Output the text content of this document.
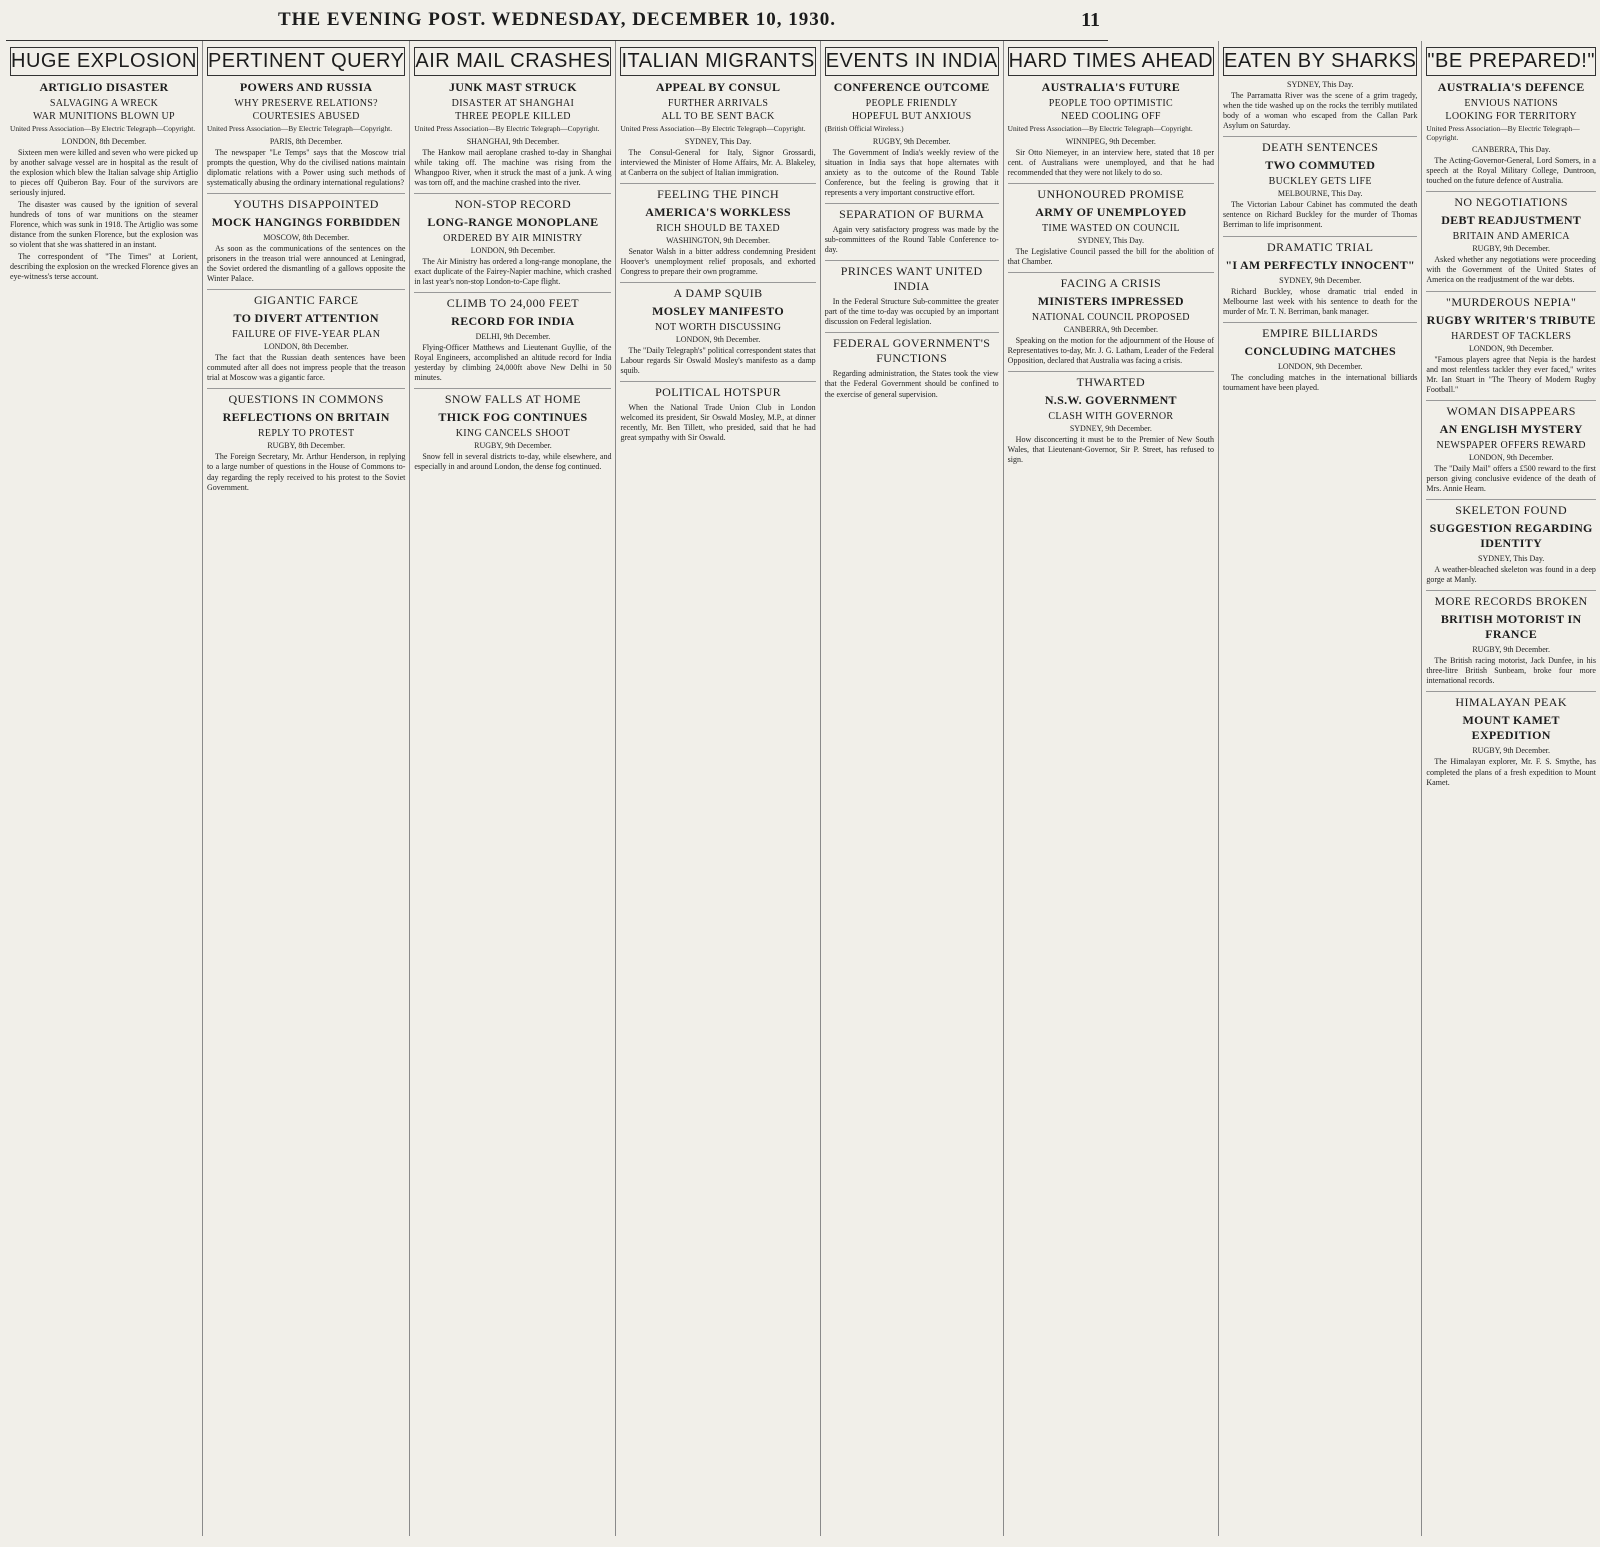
THE EVENING POST. WEDNESDAY, DECEMBER 10, 1930.	11
HUGE EXPLOSION
ARTIGLIO DISASTER
SALVAGING A WRECK
WAR MUNITIONS BLOWN UP
United Press Association—By Electric Telegraph—Copyright.
LONDON, 8th December.

Sixteen men were killed and seven who were picked up by another salvage vessel are in hospital as the result of the explosion which blew the Italian salvage ship Artiglio to pieces off Quiberon Bay. Four of the survivors are seriously injured.

The disaster was caused by the ignition of several hundreds of tons of war munitions on the steamer Florence, which was sunk in 1918. The Artiglio was some distance from the sunken Florence, but the explosion was so violent that she was shattered in an instant.

The correspondent of "The Times" at Lorient, describing the explosion on the wrecked Florence gives an eye-witness's terse account.

PERTINENT QUERY
POWERS AND RUSSIA
WHY PRESERVE RELATIONS?
COURTESIES ABUSED
United Press Association—By Electric Telegraph—Copyright.
PARIS, 8th December.

The newspaper "Le Temps" says that the Moscow trial prompts the question, Why do the civilised nations maintain diplomatic relations with a Power using such methods of systematically abusing the ordinary international regulations?

YOUTHS DISAPPOINTED
MOCK HANGINGS FORBIDDEN
MOSCOW, 8th December.

As soon as the communications of the sentences on the prisoners in the treason trial were announced at Leningrad, the Soviet ordered the dismantling of a gallows opposite the Winter Palace.

GIGANTIC FARCE
TO DIVERT ATTENTION
FAILURE OF FIVE-YEAR PLAN
LONDON, 8th December.

The fact that the Russian death sentences have been commuted after all does not impress people that the treason trial at Moscow was a gigantic farce.

QUESTIONS IN COMMONS
REFLECTIONS ON BRITAIN
REPLY TO PROTEST
RUGBY, 8th December.

The Foreign Secretary, Mr. Arthur Henderson, in replying to a large number of questions in the House of Commons to-day regarding the reply received to his protest to the Soviet Government.

AIR MAIL CRASHES
JUNK MAST STRUCK
DISASTER AT SHANGHAI
THREE PEOPLE KILLED
United Press Association—By Electric Telegraph—Copyright.
SHANGHAI, 9th December.

The Hankow mail aeroplane crashed to-day in Shanghai while taking off. The machine was rising from the Whangpoo River, when it struck the mast of a junk. A wing was torn off, and the machine crashed into the river.

NON-STOP RECORD
LONG-RANGE MONOPLANE
ORDERED BY AIR MINISTRY
LONDON, 9th December.

The Air Ministry has ordered a long-range monoplane, the exact duplicate of the Fairey-Napier machine, which crashed in last year's non-stop London-to-Cape flight.

CLIMB TO 24,000 FEET
RECORD FOR INDIA
DELHI, 9th December.

Flying-Officer Matthews and Lieutenant Guyllie, of the Royal Engineers, accomplished an altitude record for India yesterday by climbing 24,000ft above New Delhi in 50 minutes.

SNOW FALLS AT HOME
THICK FOG CONTINUES
KING CANCELS SHOOT
RUGBY, 9th December.

Snow fell in several districts to-day, while elsewhere, and especially in and around London, the dense fog continued.

ITALIAN MIGRANTS
APPEAL BY CONSUL
FURTHER ARRIVALS
ALL TO BE SENT BACK
United Press Association—By Electric Telegraph—Copyright.
SYDNEY, This Day.

The Consul-General for Italy, Signor Grossardi, interviewed the Minister of Home Affairs, Mr. A. Blakeley, at Canberra on the subject of Italian immigration.

FEELING THE PINCH
AMERICA'S WORKLESS
RICH SHOULD BE TAXED
WASHINGTON, 9th December.

Senator Walsh in a bitter address condemning President Hoover's unemployment relief proposals, and exhorted Congress to prepare their own programme.

A DAMP SQUIB
MOSLEY MANIFESTO
NOT WORTH DISCUSSING
LONDON, 9th December.

The "Daily Telegraph's" political correspondent states that Labour regards Sir Oswald Mosley's manifesto as a damp squib.

POLITICAL HOTSPUR

When the National Trade Union Club in London welcomed its president, Sir Oswald Mosley, M.P., at dinner recently, Mr. Ben Tillett, who presided, said that he had great sympathy with Sir Oswald.

EVENTS IN INDIA
CONFERENCE OUTCOME
PEOPLE FRIENDLY
HOPEFUL BUT ANXIOUS
(British Official Wireless.)
RUGBY, 9th December.

The Government of India's weekly review of the situation in India says that hope alternates with anxiety as to the outcome of the Round Table Conference, but the feeling is growing that it represents a very important constructive effort.

SEPARATION OF BURMA

Again very satisfactory progress was made by the sub-committees of the Round Table Conference to-day.

PRINCES WANT UNITED INDIA

In the Federal Structure Sub-committee the greater part of the time to-day was occupied by an important discussion on Federal legislation.

FEDERAL GOVERNMENT'S FUNCTIONS

Regarding administration, the States took the view that the Federal Government should be confined to the exercise of general supervision.

HARD TIMES AHEAD
AUSTRALIA'S FUTURE
PEOPLE TOO OPTIMISTIC
NEED COOLING OFF
United Press Association—By Electric Telegraph—Copyright.
WINNIPEG, 9th December.

Sir Otto Niemeyer, in an interview here, stated that 18 per cent. of Australians were unemployed, and that he had recommended that they were not likely to do so.

UNHONOURED PROMISE
ARMY OF UNEMPLOYED
TIME WASTED ON COUNCIL
SYDNEY, This Day.

The Legislative Council passed the bill for the abolition of that Chamber.

FACING A CRISIS
MINISTERS IMPRESSED
NATIONAL COUNCIL PROPOSED
CANBERRA, 9th December.

Speaking on the motion for the adjournment of the House of Representatives to-day, Mr. J. G. Latham, Leader of the Federal Opposition, declared that Australia was facing a crisis.

THWARTED
N.S.W. GOVERNMENT
CLASH WITH GOVERNOR
SYDNEY, 9th December.

How disconcerting it must be to the Premier of New South Wales, that Lieutenant-Governor, Sir P. Street, has refused to sign.

EATEN BY SHARKS
SYDNEY, This Day.

The Parramatta River was the scene of a grim tragedy, when the tide washed up on the rocks the terribly mutilated body of a woman who escaped from the Callan Park Asylum on Saturday.

DEATH SENTENCES
TWO COMMUTED
BUCKLEY GETS LIFE
MELBOURNE, This Day.

The Victorian Labour Cabinet has commuted the death sentence on Richard Buckley for the murder of Thomas Berriman to life imprisonment.

DRAMATIC TRIAL
"I AM PERFECTLY INNOCENT"
SYDNEY, 9th December.

Richard Buckley, whose dramatic trial ended in Melbourne last week with his sentence to death for the murder of Mr. T. N. Berriman, bank manager.

EMPIRE BILLIARDS
CONCLUDING MATCHES
LONDON, 9th December.

The concluding matches in the international billiards tournament have been played.

"BE PREPARED!"
AUSTRALIA'S DEFENCE
ENVIOUS NATIONS
LOOKING FOR TERRITORY
United Press Association—By Electric Telegraph—Copyright.
CANBERRA, This Day.

The Acting-Governor-General, Lord Somers, in a speech at the Royal Military College, Duntroon, touched on the future defence of Australia.

NO NEGOTIATIONS
DEBT READJUSTMENT
BRITAIN AND AMERICA
RUGBY, 9th December.

Asked whether any negotiations were proceeding with the Government of the United States of America on the readjustment of the war debts.

"MURDEROUS NEPIA"
RUGBY WRITER'S TRIBUTE
HARDEST OF TACKLERS
LONDON, 9th December.

"Famous players agree that Nepia is the hardest and most relentless tackler they ever faced," writes Mr. Ian Stuart in "The Theory of Modern Rugby Football."

WOMAN DISAPPEARS
AN ENGLISH MYSTERY
NEWSPAPER OFFERS REWARD
LONDON, 9th December.

The "Daily Mail" offers a £500 reward to the first person giving conclusive evidence of the death of Mrs. Annie Hearn.

SKELETON FOUND
SUGGESTION REGARDING IDENTITY
SYDNEY, This Day.

A weather-bleached skeleton was found in a deep gorge at Manly.

MORE RECORDS BROKEN
BRITISH MOTORIST IN FRANCE
RUGBY, 9th December.

The British racing motorist, Jack Dunfee, in his three-litre British Sunbeam, broke four more international records.

HIMALAYAN PEAK
MOUNT KAMET EXPEDITION
RUGBY, 9th December.

The Himalayan explorer, Mr. F. S. Smythe, has completed the plans of a fresh expedition to Mount Kamet.
